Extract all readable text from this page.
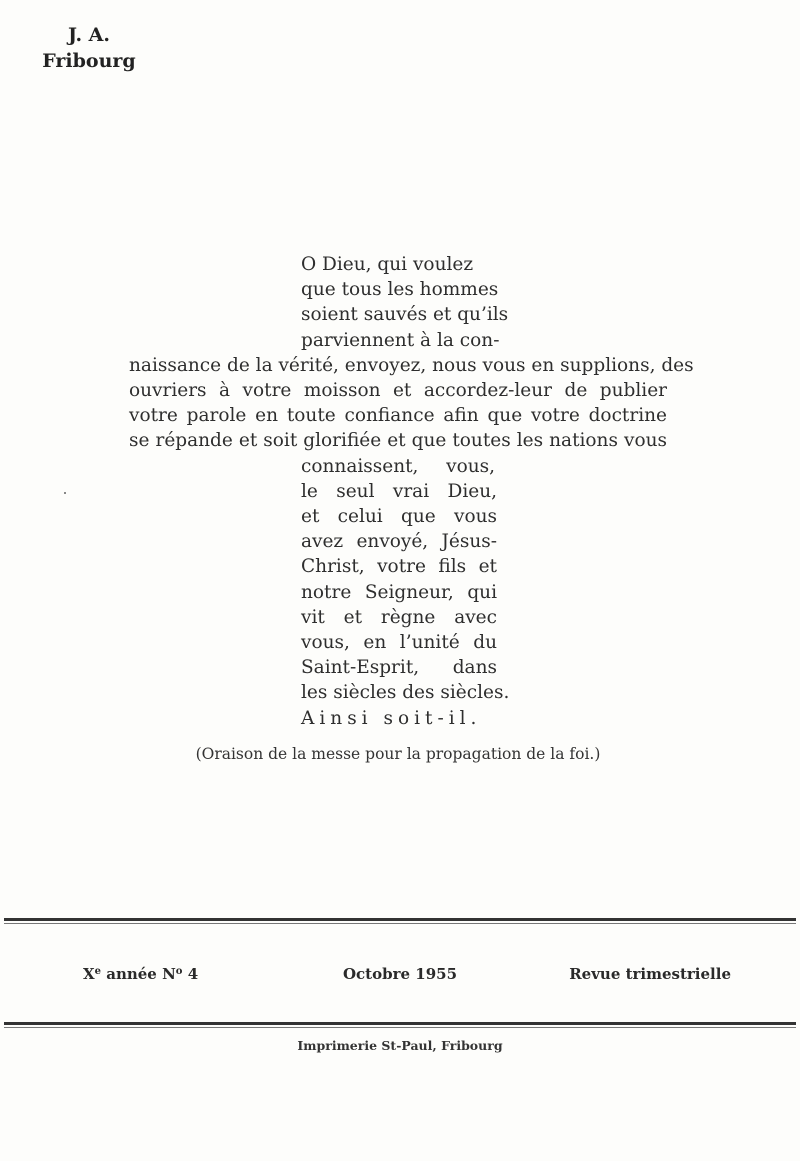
J. A.
Fribourg
O Dieu, qui voulez
que tous les hommes
soient sauvés et qu’ils
parviennent à la con-
naissance de la vérité, envoyez, nous vous en supplions, des
ouvriers à votre moisson et accordez-leur de publier
votre parole en toute confiance afin que votre doctrine
se répande et soit glorifiée et que toutes les nations vous
connaissent, vous,
le seul vrai Dieu,
et celui que vous
avez envoyé, Jésus-
Christ, votre fils et
notre Seigneur, qui
vit et règne avec
vous, en l’unité du
Saint-Esprit, dans
les siècles des siècles.
Ainsi soit-il.
(Oraison de la messe pour la propagation de la foi.)
Xe année $N^o$ 4	Octobre 1955	Revue trimestrielle
Imprimerie St-Paul, Fribourg
